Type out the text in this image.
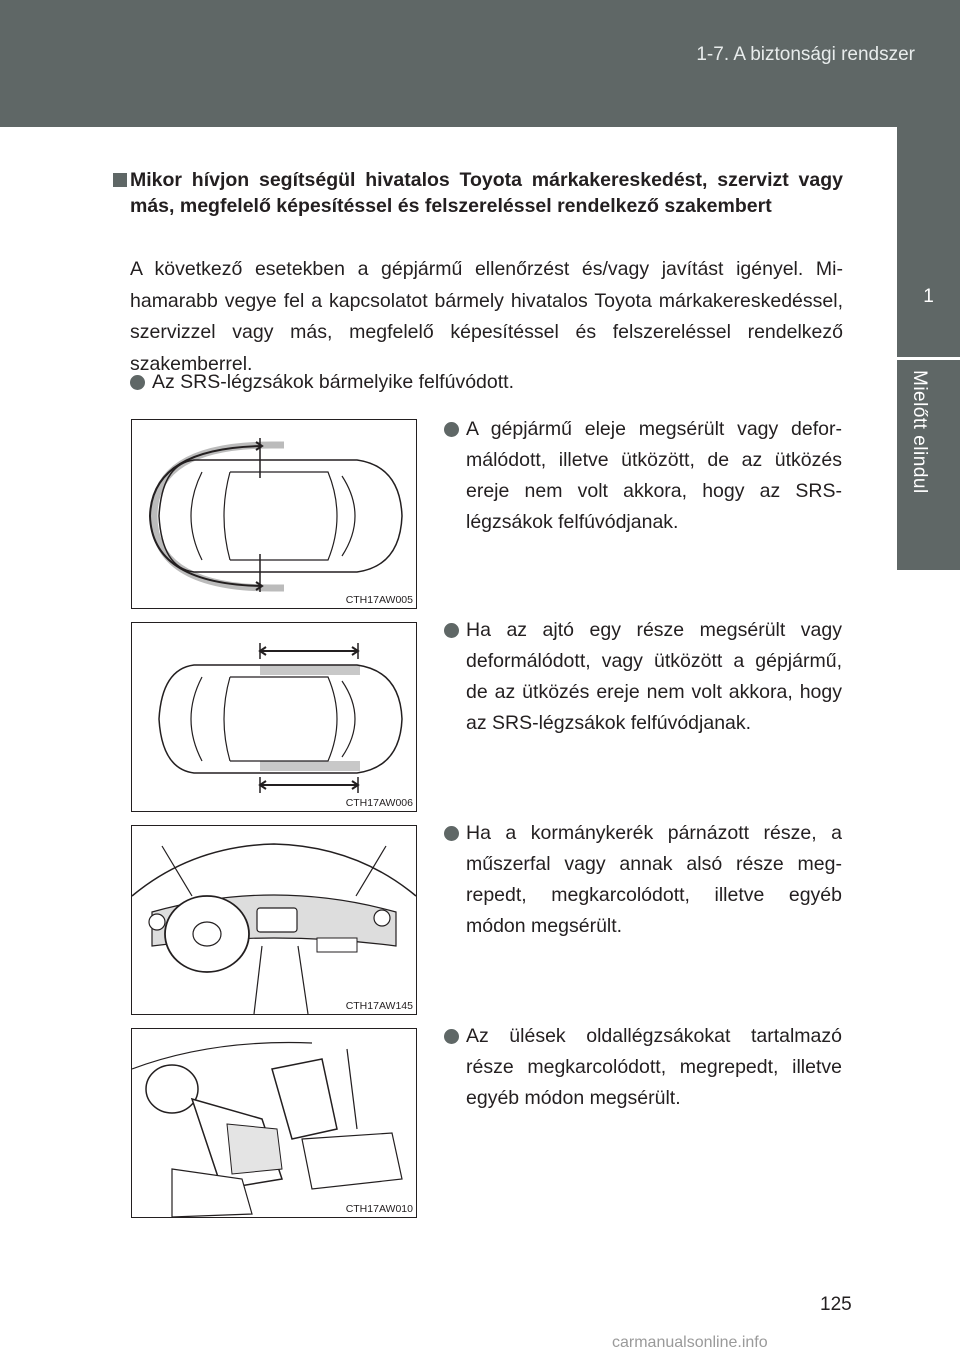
1-7. A biztonsági rendszer
1
Mielőtt elindul
Mikor hívjon segítségül hivatalos Toyota márkakereskedést, szervizt vagy más, megfelelő képesítéssel és felszereléssel rendelkező szakembert
A következő esetekben a gépjármű ellenőrzést és/vagy javítást igényel. Mihamarabb vegye fel a kapcsolatot bármely hivatalos Toyota márkakereskedéssel, szervizzel vagy más, megfelelő képesítéssel és felszereléssel rendelkező szakemberrel.
Az SRS-légzsákok bármelyike felfúvódott.
A gépjármű eleje megsérült vagy deformálódott, illetve ütközött, de az ütközés ereje nem volt akkora, hogy az SRS-légzsákok felfúvódjanak.
Ha az ajtó egy része megsérült vagy deformálódott, vagy ütközött a gépjármű, de az ütközés ereje nem volt akkora, hogy az SRS-légzsákok felfúvódjanak.
Ha a kormánykerék párnázott része, a műszerfal vagy annak alsó része megrepedt, megkarcolódott, illetve egyéb módon megsérült.
Az ülések oldallégzsákokat tartalmazó része megkarcolódott, megrepedt, illetve egyéb módon megsérült.
CTH17AW005
CTH17AW006
CTH17AW145
CTH17AW010
125
carmanualsonline.info
